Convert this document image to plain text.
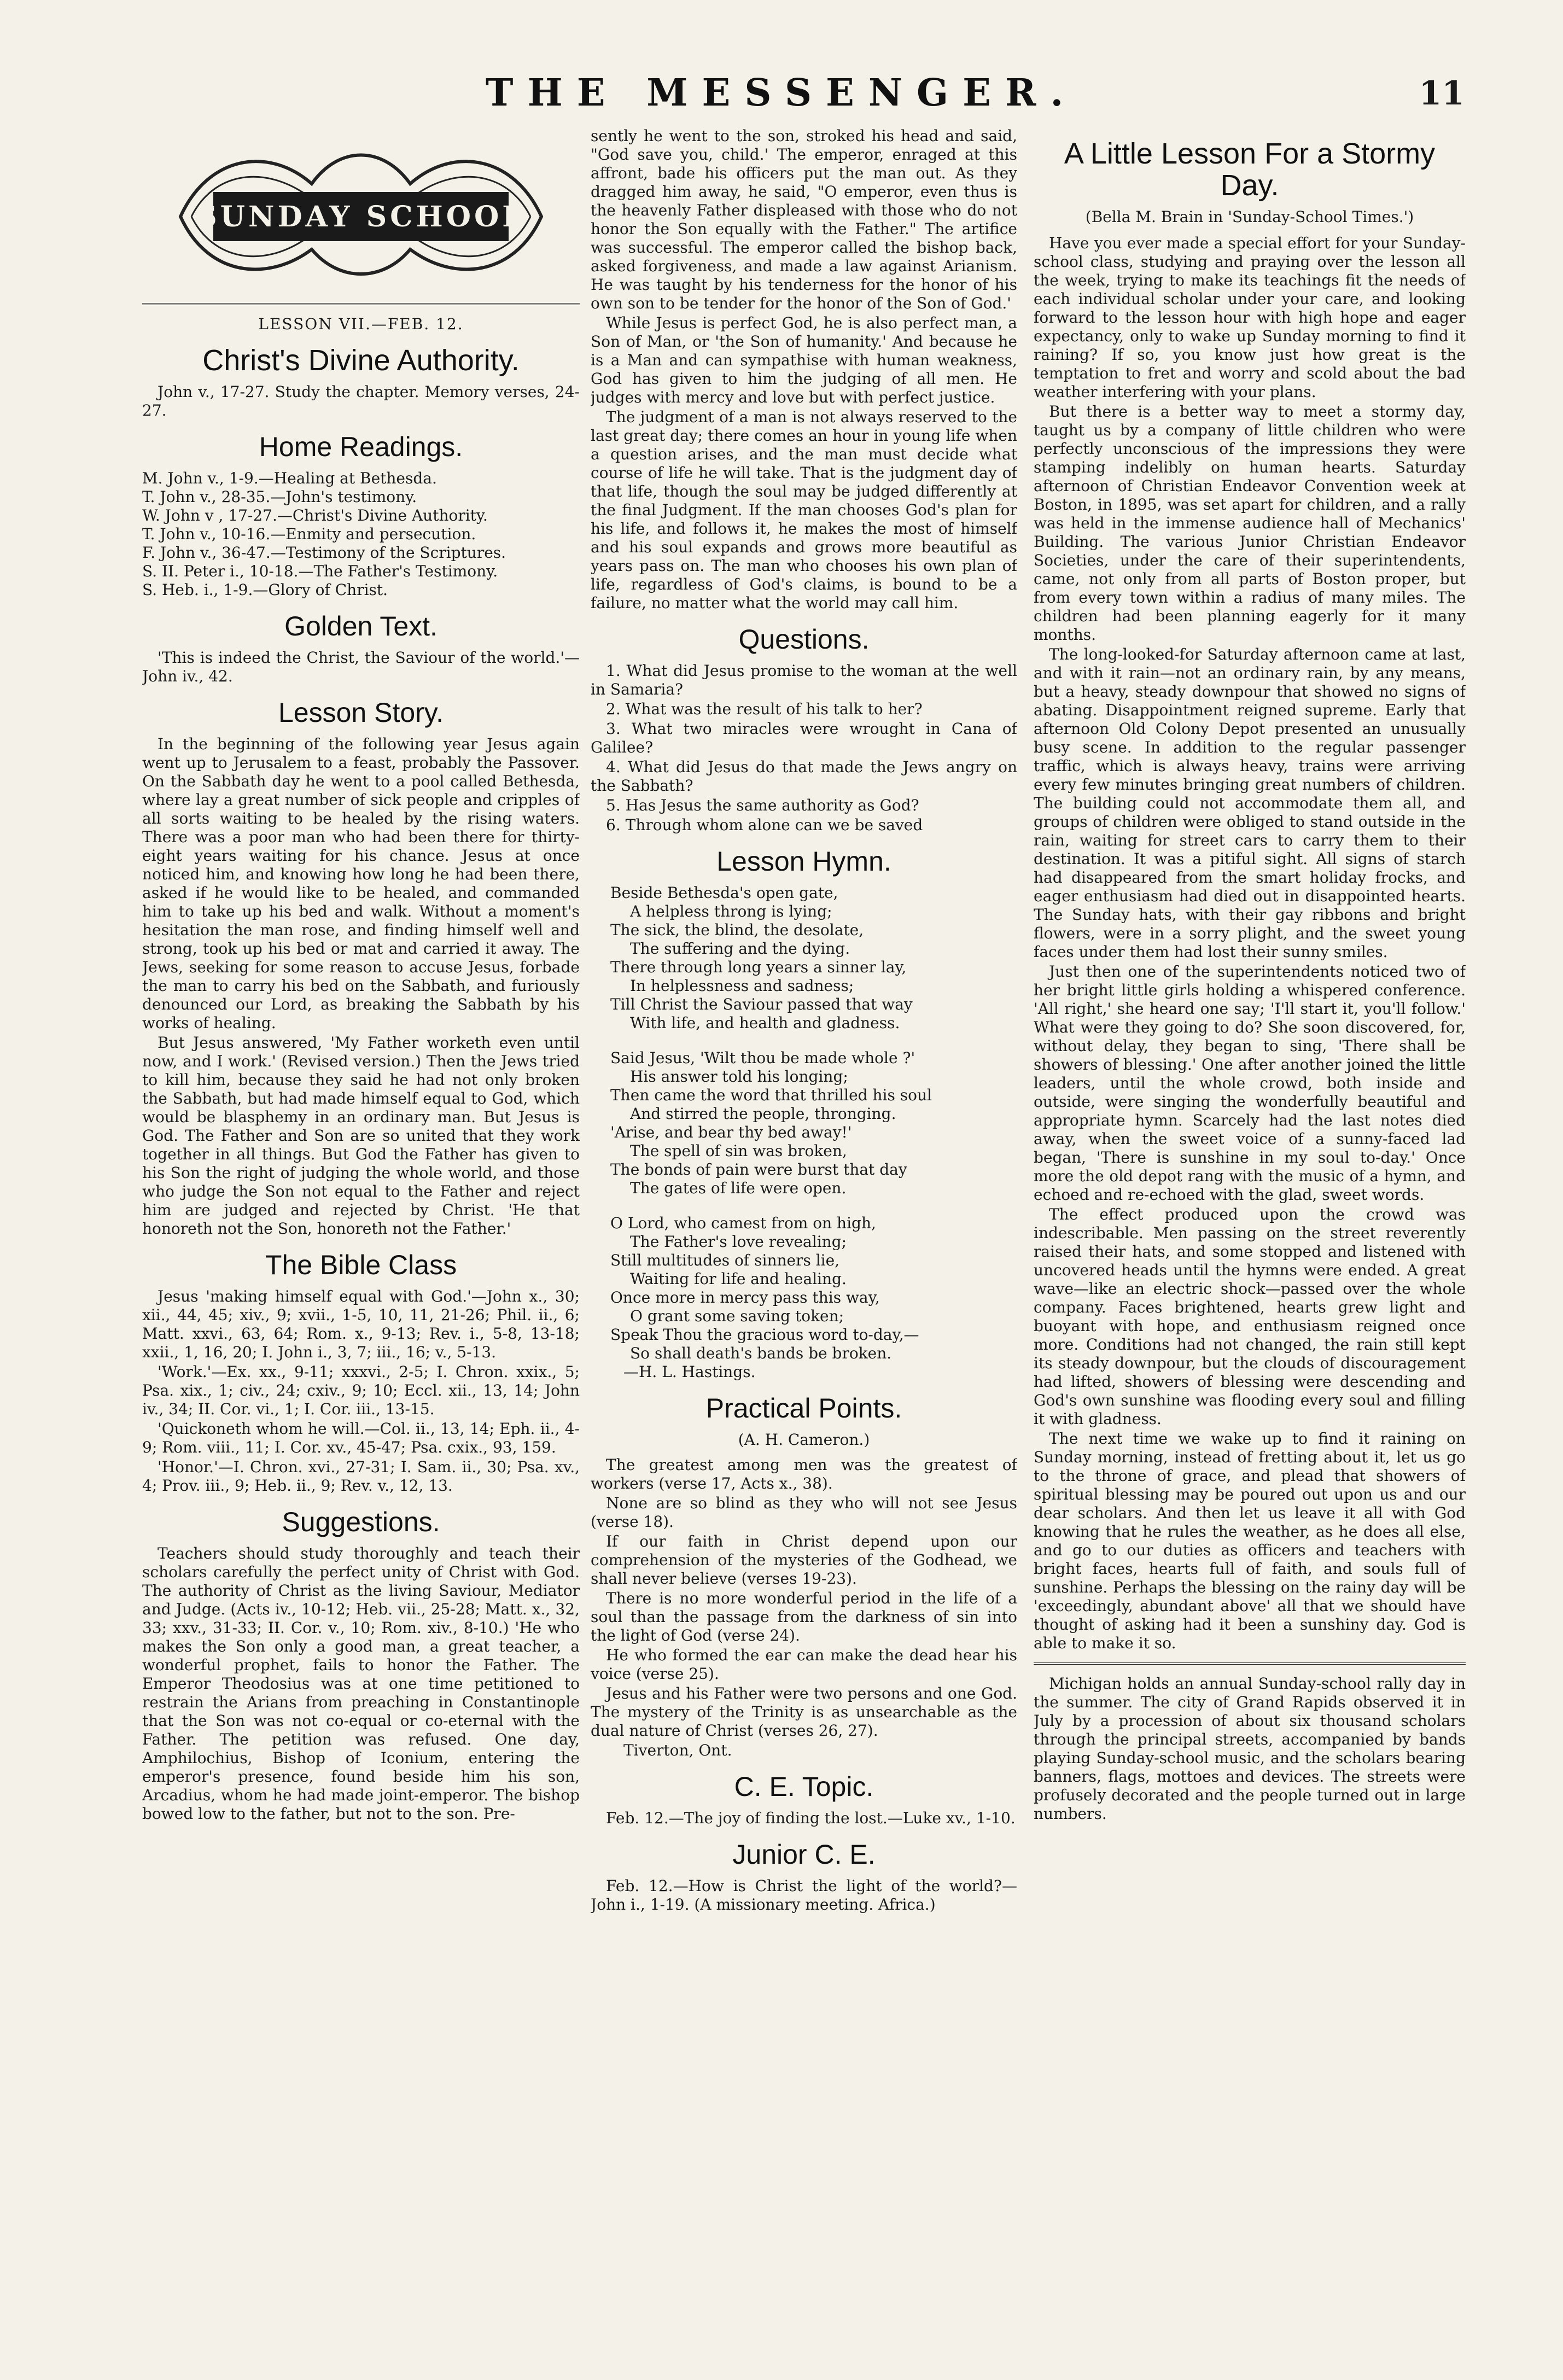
THE MESSENGER.	11
SUNDAY SCHOOL
LESSON VII.—FEB. 12.
Christ's Divine Authority.

John v., 17-27. Study the chapter. Memory verses, 24-27.

Home Readings.
M. John v., 1-9.—Healing at Bethesda.
T. John v., 28-35.—John's testimony.
W. John v , 17-27.—Christ's Divine Authority.
T. John v., 10-16.—Enmity and persecution.
F. John v., 36-47.—Testimony of the Scriptures.
S. II. Peter i., 10-18.—The Father's Testimony.
S. Heb. i., 1-9.—Glory of Christ.
Golden Text.

'This is indeed the Christ, the Saviour of the world.'—John iv., 42.

Lesson Story.

In the beginning of the following year Jesus again went up to Jerusalem to a feast, probably the Passover. On the Sabbath day he went to a pool called Bethesda, where lay a great number of sick people and cripples of all sorts waiting to be healed by the rising waters. There was a poor man who had been there for thirty-eight years waiting for his chance. Jesus at once noticed him, and knowing how long he had been there, asked if he would like to be healed, and commanded him to take up his bed and walk. Without a moment's hesitation the man rose, and finding himself well and strong, took up his bed or mat and carried it away. The Jews, seeking for some reason to accuse Jesus, forbade the man to carry his bed on the Sabbath, and furiously denounced our Lord, as breaking the Sabbath by his works of healing.

But Jesus answered, 'My Father worketh even until now, and I work.' (Revised version.) Then the Jews tried to kill him, because they said he had not only broken the Sabbath, but had made himself equal to God, which would be blasphemy in an ordinary man. But Jesus is God. The Father and Son are so united that they work together in all things. But God the Father has given to his Son the right of judging the whole world, and those who judge the Son not equal to the Father and reject him are judged and rejected by Christ. 'He that honoreth not the Son, honoreth not the Father.'

The Bible Class

Jesus 'making himself equal with God.'—John x., 30; xii., 44, 45; xiv., 9; xvii., 1-5, 10, 11, 21-26; Phil. ii., 6; Matt. xxvi., 63, 64; Rom. x., 9-13; Rev. i., 5-8, 13-18; xxii., 1, 16, 20; I. John i., 3, 7; iii., 16; v., 5-13.

'Work.'—Ex. xx., 9-11; xxxvi., 2-5; I. Chron. xxix., 5; Psa. xix., 1; civ., 24; cxiv., 9; 10; Eccl. xii., 13, 14; John iv., 34; II. Cor. vi., 1; I. Cor. iii., 13-15.

'Quickoneth whom he will.—Col. ii., 13, 14; Eph. ii., 4-9; Rom. viii., 11; I. Cor. xv., 45-47; Psa. cxix., 93, 159.

'Honor.'—I. Chron. xvi., 27-31; I. Sam. ii., 30; Psa. xv., 4; Prov. iii., 9; Heb. ii., 9; Rev. v., 12, 13.

Suggestions.

Teachers should study thoroughly and teach their scholars carefully the perfect unity of Christ with God. The authority of Christ as the living Saviour, Mediator and Judge. (Acts iv., 10-12; Heb. vii., 25-28; Matt. x., 32, 33; xxv., 31-33; II. Cor. v., 10; Rom. xiv., 8-10.) 'He who makes the Son only a good man, a great teacher, a wonderful prophet, fails to honor the Father. The Emperor Theodosius was at one time petitioned to restrain the Arians from preaching in Constantinople that the Son was not co-equal or co-eternal with the Father. The petition was refused. One day, Amphilochius, Bishop of Iconium, entering the emperor's presence, found beside him his son, Arcadius, whom he had made joint-emperor. The bishop bowed low to the father, but not to the son. Pre-

sently he went to the son, stroked his head and said, "God save you, child.' The emperor, enraged at this affront, bade his officers put the man out. As they dragged him away, he said, "O emperor, even thus is the heavenly Father displeased with those who do not honor the Son equally with the Father." The artifice was successful. The emperor called the bishop back, asked forgiveness, and made a law against Arianism. He was taught by his tenderness for the honor of his own son to be tender for the honor of the Son of God.'

While Jesus is perfect God, he is also perfect man, a Son of Man, or 'the Son of humanity.' And because he is a Man and can sympathise with human weakness, God has given to him the judging of all men. He judges with mercy and love but with perfect justice.

The judgment of a man is not always reserved to the last great day; there comes an hour in young life when a question arises, and the man must decide what course of life he will take. That is the judgment day of that life, though the soul may be judged differently at the final Judgment. If the man chooses God's plan for his life, and follows it, he makes the most of himself and his soul expands and grows more beautiful as years pass on. The man who chooses his own plan of life, regardless of God's claims, is bound to be a failure, no matter what the world may call him.

Questions.

1. What did Jesus promise to the woman at the well in Samaria?

2. What was the result of his talk to her?

3. What two miracles were wrought in Cana of Galilee?

4. What did Jesus do that made the Jews angry on the Sabbath?

5. Has Jesus the same authority as God?

6. Through whom alone can we be saved

Lesson Hymn.
Beside Bethesda's open gate,
A helpless throng is lying;
The sick, the blind, the desolate,
The suffering and the dying.
There through long years a sinner lay,
In helplessness and sadness;
Till Christ the Saviour passed that way
With life, and health and gladness.
Said Jesus, 'Wilt thou be made whole ?'
His answer told his longing;
Then came the word that thrilled his soul
And stirred the people, thronging.
'Arise, and bear thy bed away!'
The spell of sin was broken,
The bonds of pain were burst that day
The gates of life were open.
O Lord, who camest from on high,
The Father's love revealing;
Still multitudes of sinners lie,
Waiting for life and healing.
Once more in mercy pass this way,
O grant some saving token;
Speak Thou the gracious word to-day,—
So shall death's bands be broken.
—H. L. Hastings.
Practical Points.
(A. H. Cameron.)

The greatest among men was the greatest of workers (verse 17, Acts x., 38).

None are so blind as they who will not see Jesus (verse 18).

If our faith in Christ depend upon our comprehension of the mysteries of the Godhead, we shall never believe (verses 19-23).

There is no more wonderful period in the life of a soul than the passage from the darkness of sin into the light of God (verse 24).

He who formed the ear can make the dead hear his voice (verse 25).

Jesus and his Father were two persons and one God. The mystery of the Trinity is as unsearchable as the dual nature of Christ (verses 26, 27).

Tiverton, Ont.
C. E. Topic.

Feb. 12.—The joy of finding the lost.—Luke xv., 1-10.

Junior C. E.

Feb. 12.—How is Christ the light of the world?—John i., 1-19. (A missionary meeting. Africa.)

A Little Lesson For a Stormy Day.
(Bella M. Brain in 'Sunday-School Times.')

Have you ever made a special effort for your Sunday-school class, studying and praying over the lesson all the week, trying to make its teachings fit the needs of each individual scholar under your care, and looking forward to the lesson hour with high hope and eager expectancy, only to wake up Sunday morning to find it raining? If so, you know just how great is the temptation to fret and worry and scold about the bad weather interfering with your plans.

But there is a better way to meet a stormy day, taught us by a company of little children who were perfectly unconscious of the impressions they were stamping indelibly on human hearts. Saturday afternoon of Christian Endeavor Convention week at Boston, in 1895, was set apart for children, and a rally was held in the immense audience hall of Mechanics' Building. The various Junior Christian Endeavor Societies, under the care of their superintendents, came, not only from all parts of Boston proper, but from every town within a radius of many miles. The children had been planning eagerly for it many months.

The long-looked-for Saturday afternoon came at last, and with it rain—not an ordinary rain, by any means, but a heavy, steady downpour that showed no signs of abating. Disappointment reigned supreme. Early that afternoon Old Colony Depot presented an unusually busy scene. In addition to the regular passenger traffic, which is always heavy, trains were arriving every few minutes bringing great numbers of children. The building could not accommodate them all, and groups of children were obliged to stand outside in the rain, waiting for street cars to carry them to their destination. It was a pitiful sight. All signs of starch had disappeared from the smart holiday frocks, and eager enthusiasm had died out in disappointed hearts. The Sunday hats, with their gay ribbons and bright flowers, were in a sorry plight, and the sweet young faces under them had lost their sunny smiles.

Just then one of the superintendents noticed two of her bright little girls holding a whispered conference. 'All right,' she heard one say; 'I'll start it, you'll follow.' What were they going to do? She soon discovered, for, without delay, they began to sing, 'There shall be showers of blessing.' One after another joined the little leaders, until the whole crowd, both inside and outside, were singing the wonderfully beautiful and appropriate hymn. Scarcely had the last notes died away, when the sweet voice of a sunny-faced lad began, 'There is sunshine in my soul to-day.' Once more the old depot rang with the music of a hymn, and echoed and re-echoed with the glad, sweet words.

The effect produced upon the crowd was indescribable. Men passing on the street reverently raised their hats, and some stopped and listened with uncovered heads until the hymns were ended. A great wave—like an electric shock—passed over the whole company. Faces brightened, hearts grew light and buoyant with hope, and enthusiasm reigned once more. Conditions had not changed, the rain still kept its steady downpour, but the clouds of discouragement had lifted, showers of blessing were descending and God's own sunshine was flooding every soul and filling it with gladness.

The next time we wake up to find it raining on Sunday morning, instead of fretting about it, let us go to the throne of grace, and plead that showers of spiritual blessing may be poured out upon us and our dear scholars. And then let us leave it all with God knowing that he rules the weather, as he does all else, and go to our duties as officers and teachers with bright faces, hearts full of faith, and souls full of sunshine. Perhaps the blessing on the rainy day will be 'exceedingly, abundant above' all that we should have thought of asking had it been a sunshiny day. God is able to make it so.

Michigan holds an annual Sunday-school rally day in the summer. The city of Grand Rapids observed it in July by a procession of about six thousand scholars through the principal streets, accompanied by bands playing Sunday-school music, and the scholars bearing banners, flags, mottoes and devices. The streets were profusely decorated and the people turned out in large numbers.
